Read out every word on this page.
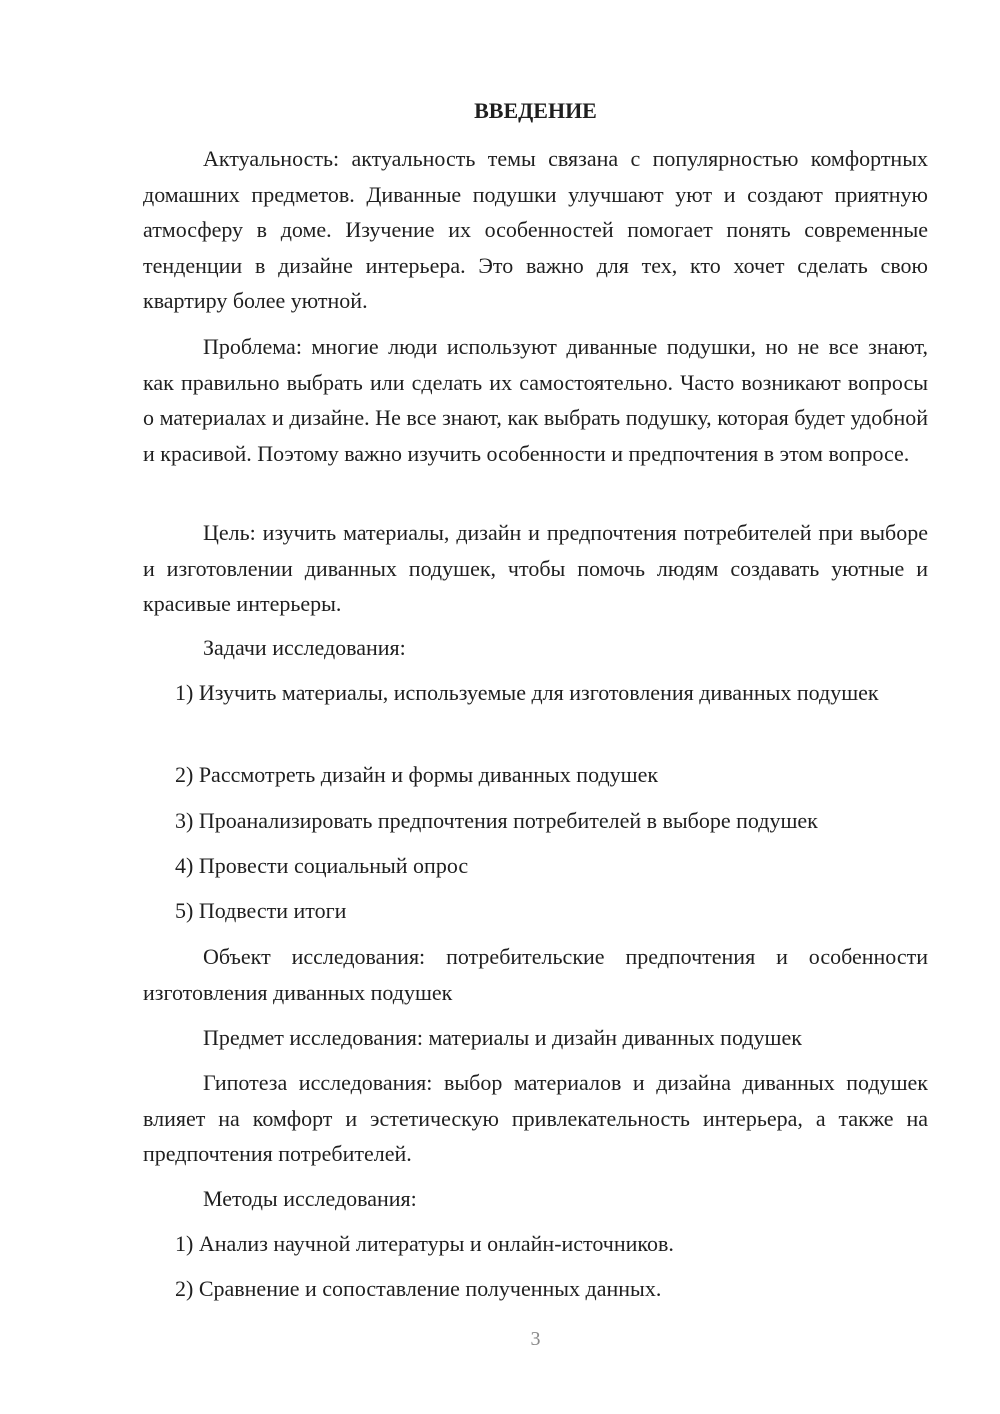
ВВЕДЕНИЕ

Актуальность: актуальность темы связана с популярностью комфортных домашних предметов. Диванные подушки улучшают уют и создают приятную атмосферу в доме. Изучение их особенностей помогает понять современные тенденции в дизайне интерьера. Это важно для тех, кто хочет сделать свою квартиру более уютной.

Проблема: многие люди используют диванные подушки, но не все знают, как правильно выбрать или сделать их самостоятельно. Часто возникают вопросы о материалах и дизайне. Не все знают, как выбрать подушку, которая будет удобной и красивой. Поэтому важно изучить особенности и предпочтения в этом вопросе.

Цель: изучить материалы, дизайн и предпочтения потребителей при выборе и изготовлении диванных подушек, чтобы помочь людям создавать уютные и красивые интерьеры.

Задачи исследования:

1) Изучить материалы, используемые для изготовления диванных подушек

2) Рассмотреть дизайн и формы диванных подушек

3) Проанализировать предпочтения потребителей в выборе подушек

4) Провести социальный опрос

5) Подвести итоги

Объект исследования: потребительские предпочтения и особенности изготовления диванных подушек

Предмет исследования: материалы и дизайн диванных подушек

Гипотеза исследования: выбор материалов и дизайна диванных подушек влияет на комфорт и эстетическую привлекательность интерьера, а также на предпочтения потребителей.

Методы исследования:

1) Анализ научной литературы и онлайн-источников.

2) Сравнение и сопоставление полученных данных.

3
